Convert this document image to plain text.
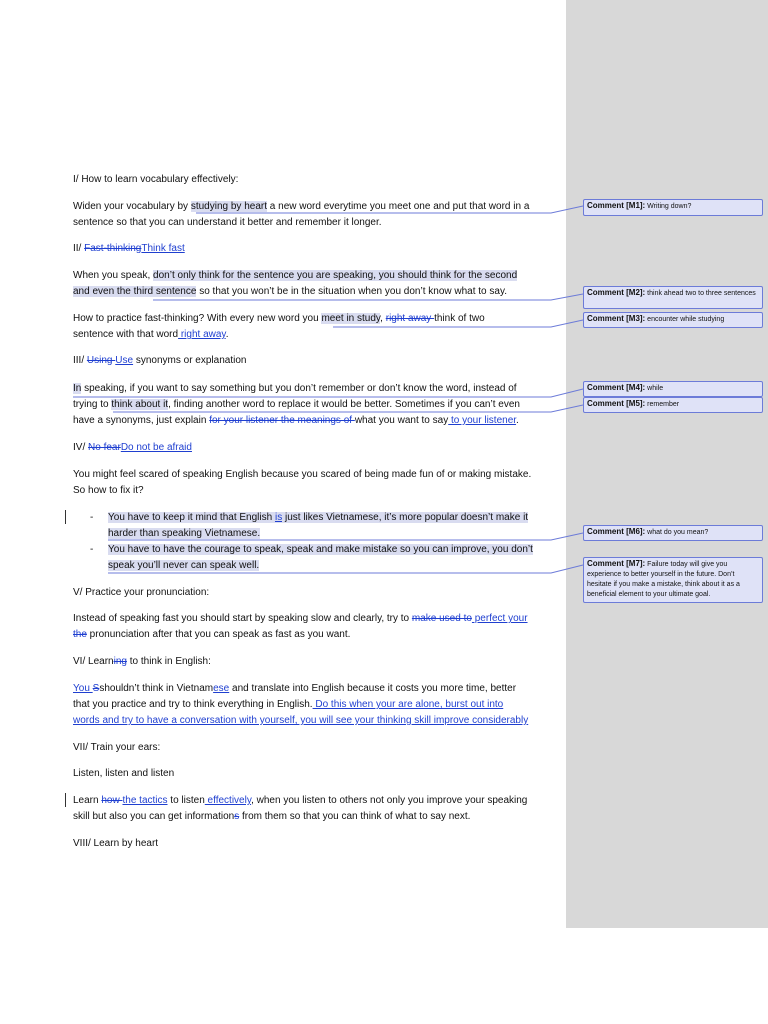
I/ How to learn vocabulary effectively:
Widen your vocabulary by studying by heart a new word everytime you meet one and put that word in a
sentence so that you can understand it better and remember it longer.
II/ Fast-thinkingThink fast
When you speak, don’t only think for the sentence you are speaking, you should think for the second
and even the third sentence so that you won’t be in the situation when you don’t know what to say.
How to practice fast-thinking? With every new word you meet in study, right away think of two
sentence with that word right away.
III/ Using Use synonyms or explanation
In speaking, if you want to say something but you don’t remember or don’t know the word, instead of
trying to think about it, finding another word to replace it would be better. Sometimes if you can’t even
have a synonyms, just explain for your listener the meanings of what you want to say to your listener.
IV/ No fearDo not be afraid
You might feel scared of speaking English because you scared of being made fun of or making mistake.
So how to fix it?
- You have to keep it mind that English is just likes Vietnamese, it’s more popular doesn’t make it
harder than speaking Vietnamese.
- You have to have the courage to speak, speak and make mistake so you can improve, you don’t
speak you’ll never can speak well.
V/ Practice your pronunciation:
Instead of speaking fast you should start by speaking slow and clearly, try to make used to perfect your
the pronunciation after that you can speak as fast as you want.
VI/ Learning to think in English:
You Sshouldn’t think in Vietnamese and translate into English because it costs you more time, better
that you practice and try to think everything in English. Do this when your are alone, burst out into
words and try to have a conversation with yourself, you will see your thinking skill improve considerably
VII/ Train your ears:
Listen, listen and listen
Learn how the tactics to listen effectively, when you listen to others not only you improve your speaking
skill but also you can get informations from them so that you can think of what to say next.
VIII/ Learn by heart
Comment [M1]: Writing down?
Comment [M2]: think ahead two to three sentences
Comment [M3]: encounter while studying
Comment [M4]: while
Comment [M5]: remember
Comment [M6]: what do you mean?
Comment [M7]: Failure today will give you experience to better yourself in the future. Don’t hesitate if you make a mistake, think about it as a beneficial element to your ultimate goal.
